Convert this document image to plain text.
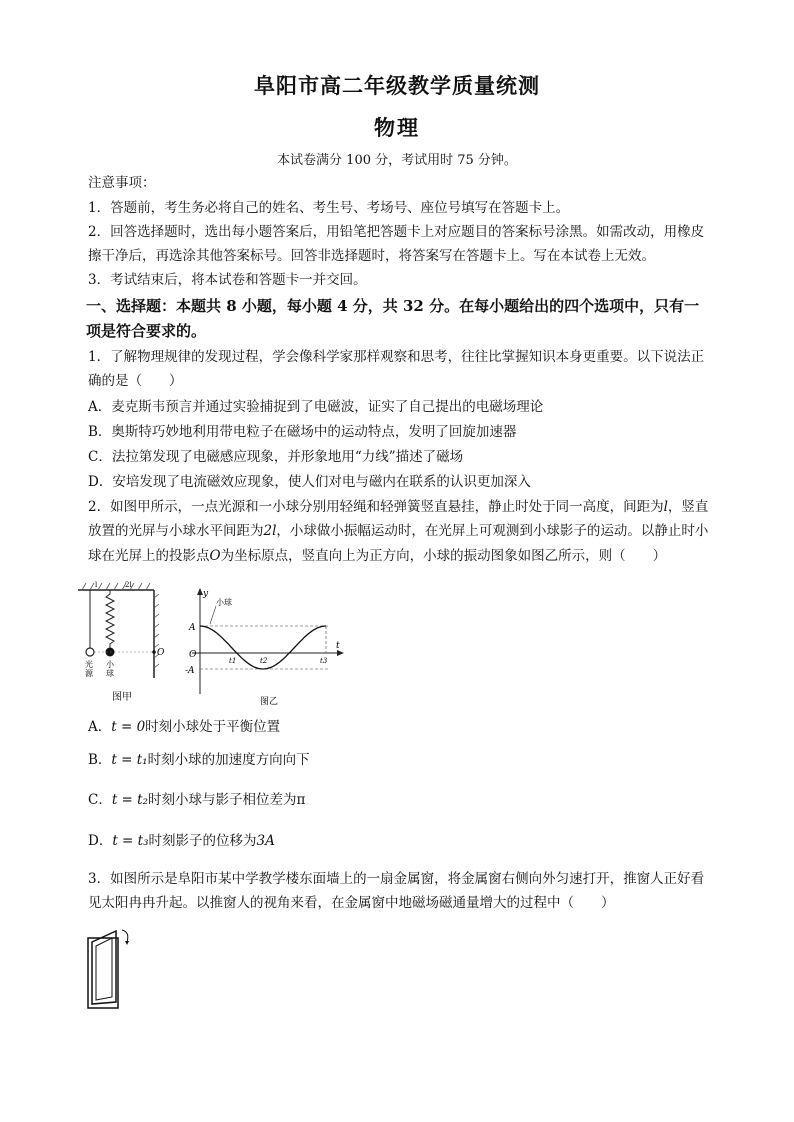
阜阳市高二年级教学质量统测
物理
本试卷满分 100 分，考试用时 75 分钟。
注意事项：
1．答题前，考生务必将自己的姓名、考生号、考场号、座位号填写在答题卡上。
2．回答选择题时，选出每小题答案后，用铅笔把答题卡上对应题目的答案标号涂黑。如需改动，用橡皮
擦干净后，再选涂其他答案标号。回答非选择题时，将答案写在答题卡上。写在本试卷上无效。
3．考试结束后，将本试卷和答题卡一并交回。
一、选择题：本题共 8 小题，每小题 4 分，共 32 分。在每小题给出的四个选项中，只有一
项是符合要求的。
1．了解物理规律的发现过程，学会像科学家那样观察和思考，往往比掌握知识本身更重要。以下说法正
确的是（　　）
A．麦克斯韦预言并通过实验捕捉到了电磁波，证实了自己提出的电磁场理论
B．奥斯特巧妙地利用带电粒子在磁场中的运动特点，发明了回旋加速器
C．法拉第发现了电磁感应现象，并形象地用“力线”描述了磁场
D．安培发现了电流磁效应现象，使人们对电与磁内在联系的认识更加深入
2．如图甲所示，一点光源和一小球分别用轻绳和轻弹簧竖直悬挂，静止时处于同一高度，间距为l，竖直
放置的光屏与小球水平间距为2l，小球做小振幅运动时，在光屏上可观测到小球影子的运动。以静止时小
球在光屏上的投影点O为坐标原点，竖直向上为正方向，小球的振动图象如图乙所示，则（　　）
l	2l
O
光
源
小
球
图甲
y
t
A
-A
O
小球
t1	t2	t3
图乙
A．t = 0时刻小球处于平衡位置
B．t = t₁时刻小球的加速度方向向下
C．t = t₂时刻小球与影子相位差为π
D．t = t₃时刻影子的位移为3A
3．如图所示是阜阳市某中学教学楼东面墙上的一扇金属窗，将金属窗右侧向外匀速打开，推窗人正好看
见太阳冉冉升起。以推窗人的视角来看，在金属窗中地磁场磁通量增大的过程中（　　）
